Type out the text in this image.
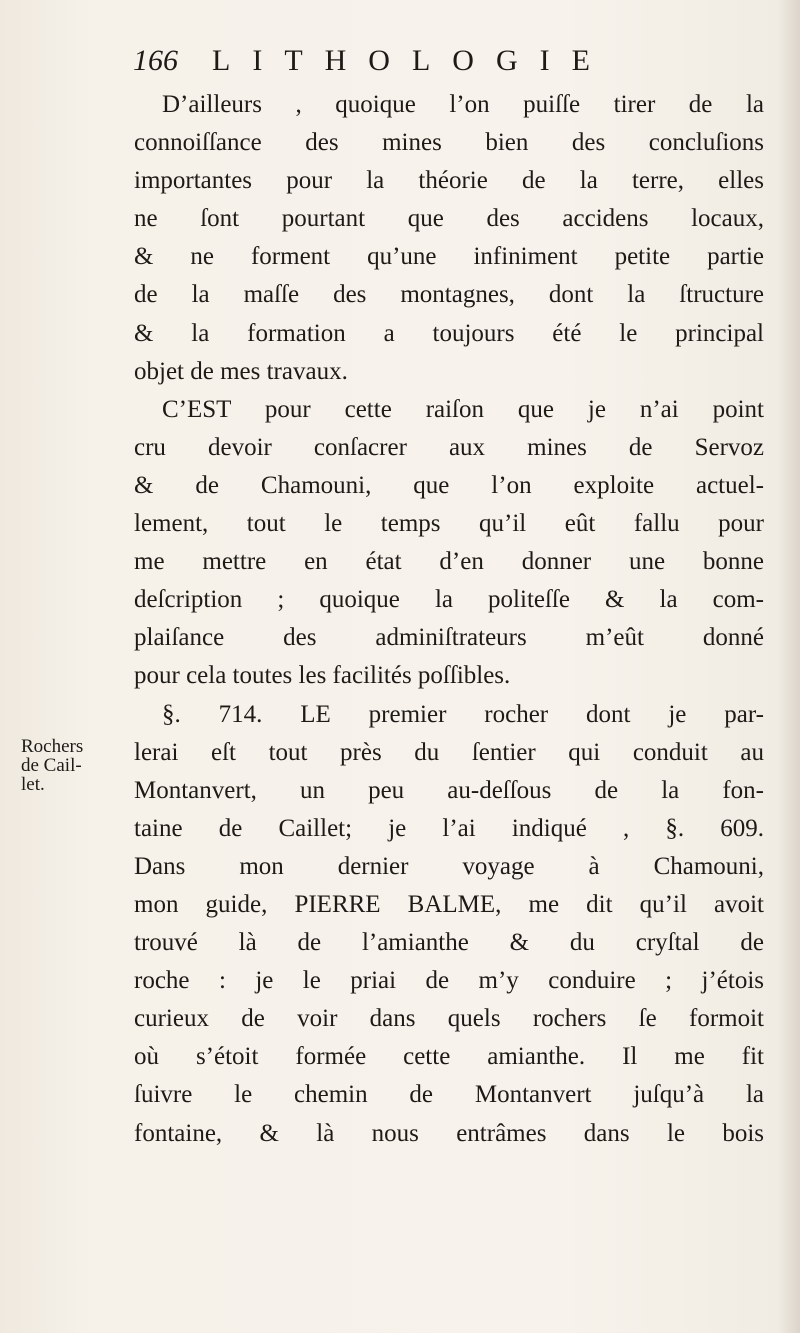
166 LITHOLOGIE
Rochers
de Cail-
let.
D’ailleurs , quoique l’on puiſſe tirer de la
connoiſſance des mines bien des concluſions
importantes pour la théorie de la terre, elles
ne ſont pourtant que des accidens locaux,
& ne forment qu’une infiniment petite partie
de la maſſe des montagnes, dont la ſtructure
& la formation a toujours été le principal
objet de mes travaux.
C’EST pour cette raiſon que je n’ai point
cru devoir conſacrer aux mines de Servoz
& de Chamouni, que l’on exploite actuel-
lement, tout le temps qu’il eût fallu pour
me mettre en état d’en donner une bonne
deſcription ; quoique la politeſſe & la com-
plaiſance des adminiſtrateurs m’eût donné
pour cela toutes les facilités poſſibles.
§. 714. LE premier rocher dont je par-
lerai eſt tout près du ſentier qui conduit au
Montanvert, un peu au-deſſous de la fon-
taine de Caillet; je l’ai indiqué , §. 609.
Dans mon dernier voyage à Chamouni,
mon guide, PIERRE BALME, me dit qu’il avoit
trouvé là de l’amianthe & du cryſtal de
roche : je le priai de m’y conduire ; j’étois
curieux de voir dans quels rochers ſe formoit
où s’étoit formée cette amianthe. Il me fit
ſuivre le chemin de Montanvert juſqu’à la
fontaine, & là nous entrâmes dans le bois
